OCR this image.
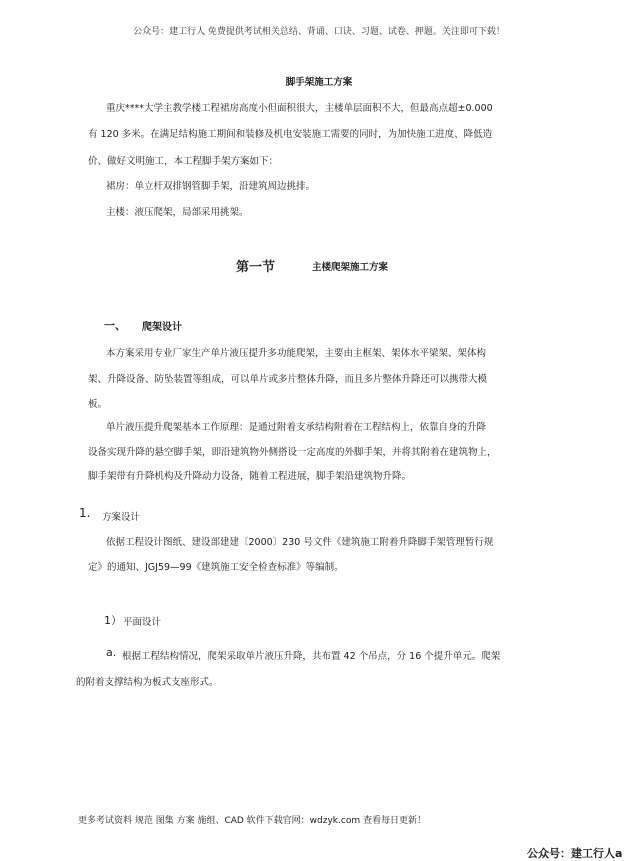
公众号：建工行人 免费提供考试相关总结、背诵、口诀、习题、试卷、押题。关注即可下载！
脚手架施工方案
重庆****大学主教学楼工程裙房高度小但面积很大，主楼单层面积不大，但最高点超±0.000
有 120 多米。在满足结构施工期间和装修及机电安装施工需要的同时，为加快施工进度、降低造
价、做好文明施工，本工程脚手架方案如下：
裙房：单立杆双排钢管脚手架，沿建筑周边挑排。
主楼：液压爬架，局部采用挑架。
第一节	主楼爬架施工方案
一、 爬架设计
本方案采用专业厂家生产单片液压提升多功能爬架，主要由主框架、架体水平梁架、架体构
架、升降设备、防坠装置等组成，可以单片或多片整体升降，而且多片整体升降还可以携带大模
板。
单片液压提升爬架基本工作原理：是通过附着支承结构附着在工程结构上，依靠自身的升降
设备实现升降的悬空脚手架，即沿建筑物外侧搭设一定高度的外脚手架，并将其附着在建筑物上，
脚手架带有升降机构及升降动力设备，随着工程进展，脚手架沿建筑物升降。
1. 方案设计
依据工程设计图纸、建设部建建〔2000〕230 号文件《建筑施工附着升降脚手架管理暂行规
定》的通知、JGJ59—99《建筑施工安全检查标准》等编制。
1） 平面设计
a. 根据工程结构情况，爬架采取单片液压升降，共布置 42 个吊点，分 16 个提升单元。爬架
的附着支撑结构为板式支座形式。
更多考试资料 规范 图集 方案 施组、CAD 软件下载官网：wdzyk.com 查看每日更新！
公众号：建工行人a
